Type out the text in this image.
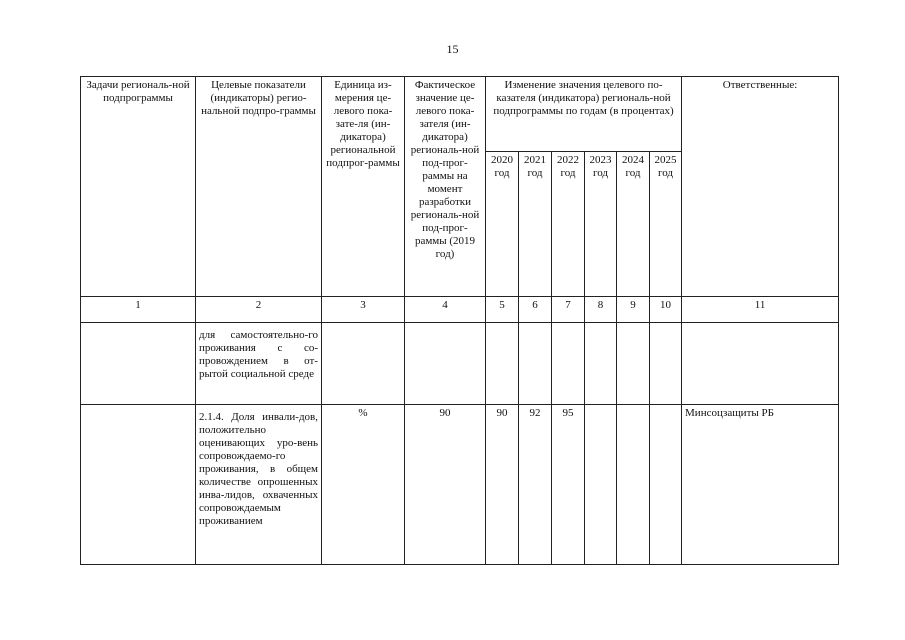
15
Задачи региональ-ной подпрограммы	Целевые показатели (индикаторы) регио-нальной подпро-граммы	Единица из-мерения це-левого пока-зате-ля (ин-дикатора) региональной подпрог-раммы	Фактическое значение це-левого пока-зателя (ин-дикатора) региональ-ной под-прог-раммы на момент разработки региональ-ной под-прог-раммы (2019 год)	Изменение значения целевого по-казателя (индикатора) региональ-ной подпрограммы по годам (в процентах)						Ответственные:
				2020 год	2021 год	2022 год	2023 год	2024 год	2025 год	
1	2	3	4	5	6	7	8	9	10	11
	для самостоятельно-го проживания с со-провождением в от-рытой социальной среде									
	2.1.4. Доля инвали-дов, положительно оценивающих уро-вень сопровождаемо-го проживания, в общем количестве опрошенных инва-лидов, охваченных сопровождаемым проживанием	%	90	90	92	95				Минсоцзащиты РБ
